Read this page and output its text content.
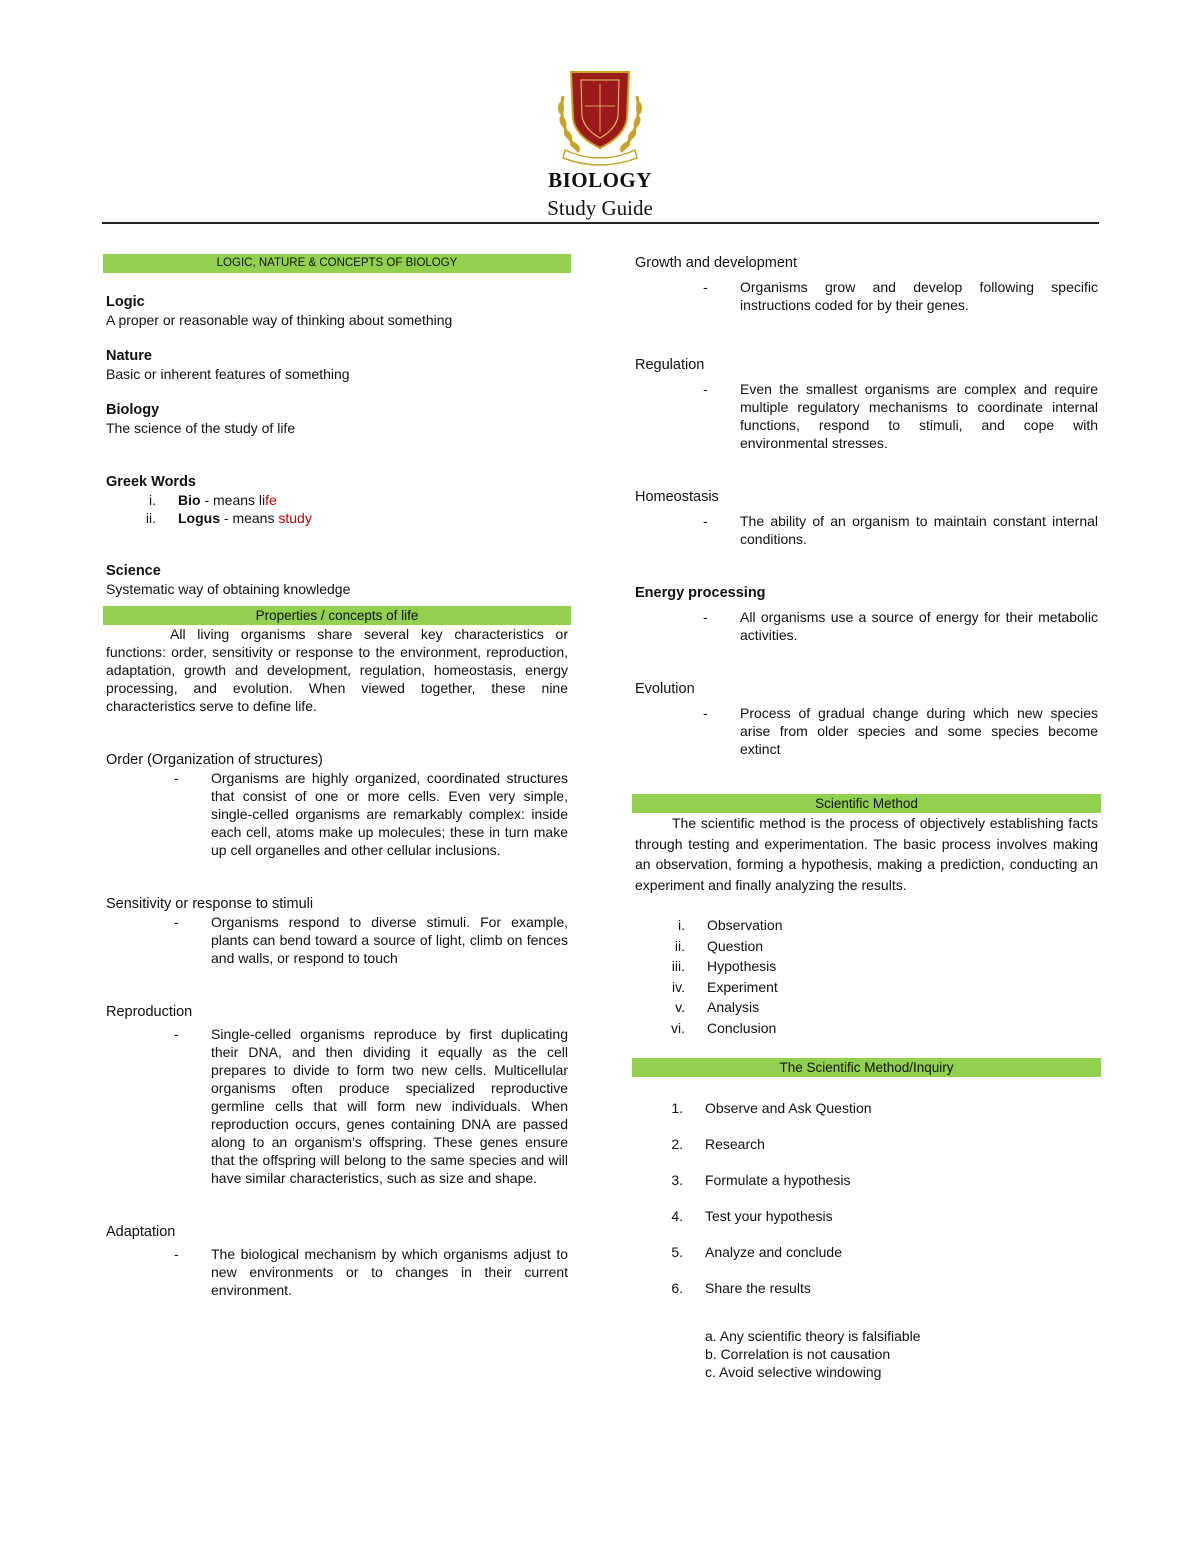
BIOLOGY
Study Guide
LOGIC, NATURE & CONCEPTS OF BIOLOGY
Logic

A proper or reasonable way of thinking about something

Nature

Basic or inherent features of something

Biology

The science of the study of life

Greek Words
i.	Bio - means life
ii.	Logus - means study
Science

Systematic way of obtaining knowledge

Properties / concepts of life

All living organisms share several key characteristics or functions: order, sensitivity or response to the environment, reproduction, adaptation, growth and development, regulation, homeostasis, energy processing, and evolution. When viewed together, these nine characteristics serve to define life.

Order (Organization of structures)
-	Organisms are highly organized, coordinated structures that consist of one or more cells. Even very simple, single-celled organisms are remarkably complex: inside each cell, atoms make up molecules; these in turn make up cell organelles and other cellular inclusions.
Sensitivity or response to stimuli
-	Organisms respond to diverse stimuli. For example, plants can bend toward a source of light, climb on fences and walls, or respond to touch
Reproduction
-	Single-celled organisms reproduce by first duplicating their DNA, and then dividing it equally as the cell prepares to divide to form two new cells. Multicellular organisms often produce specialized reproductive germline cells that will form new individuals. When reproduction occurs, genes containing DNA are passed along to an organism's offspring. These genes ensure that the offspring will belong to the same species and will have similar characteristics, such as size and shape.
Adaptation
-	The biological mechanism by which organisms adjust to new environments or to changes in their current environment.
Growth and development
-	Organisms grow and develop following specific instructions coded for by their genes.
Regulation
-	Even the smallest organisms are complex and require multiple regulatory mechanisms to coordinate internal functions, respond to stimuli, and cope with environmental stresses.
Homeostasis
-	The ability of an organism to maintain constant internal conditions.
Energy processing
-	All organisms use a source of energy for their metabolic activities.
Evolution
-	Process of gradual change during which new species arise from older species and some species become extinct
Scientific Method

The scientific method is the process of objectively establishing facts through testing and experimentation. The basic process involves making an observation, forming a hypothesis, making a prediction, conducting an experiment and finally analyzing the results.

i.	Observation
ii.	Question
iii.	Hypothesis
iv.	Experiment
v.	Analysis
vi.	Conclusion
The Scientific Method/Inquiry
1.	Observe and Ask Question
2.	Research
3.	Formulate a hypothesis
4.	Test your hypothesis
5.	Analyze and conclude
6.	Share the results
a. Any scientific theory is falsifiable
b. Correlation is not causation
c. Avoid selective windowing
